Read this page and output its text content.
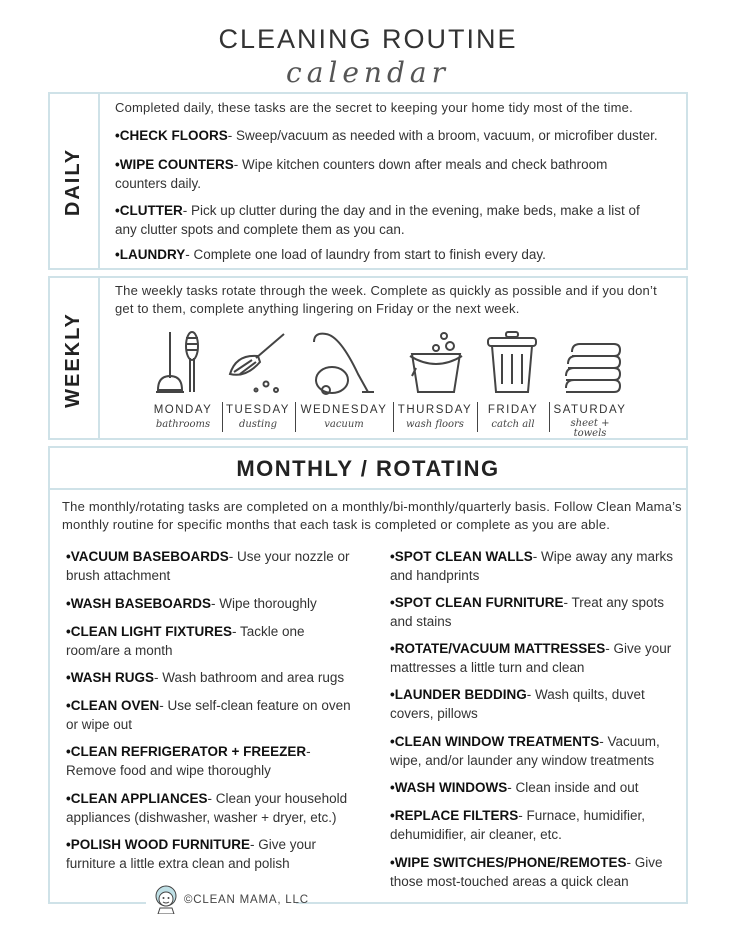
CLEANING ROUTINE
calendar
DAILY
Completed daily, these tasks are the secret to keeping your home tidy most of the time.
•CHECK FLOORS- Sweep/vacuum as needed with a broom, vacuum, or microfiber duster.
•WIPE COUNTERS- Wipe kitchen counters down after meals and check bathroom counters daily.
•CLUTTER- Pick up clutter during the day and in the evening, make beds, make a list of any clutter spots and complete them as you can.
•LAUNDRY- Complete one load of laundry from start to finish every day.
WEEKLY
The weekly tasks rotate through the week. Complete as quickly as possible and if you don’t get to them, complete anything lingering on Friday or the next week.
MONDAY
bathrooms
TUESDAY
dusting
WEDNESDAY
vacuum
THURSDAY
wash floors
FRIDAY
catch all
SATURDAY
sheet + towels
MONTHLY / ROTATING
The monthly/rotating tasks are completed on a monthly/bi-monthly/quarterly basis. Follow Clean Mama’s monthly routine for specific months that each task is completed or complete as you are able.
•VACUUM BASEBOARDS- Use your nozzle or brush attachment
•WASH BASEBOARDS- Wipe thoroughly
•CLEAN LIGHT FIXTURES- Tackle one room/are a month
•WASH RUGS- Wash bathroom and area rugs
•CLEAN OVEN- Use self-clean feature on oven or wipe out
•CLEAN REFRIGERATOR + FREEZER- Remove food and wipe thoroughly
•CLEAN APPLIANCES- Clean your household appliances (dishwasher, washer + dryer, etc.)
•POLISH WOOD FURNITURE- Give your furniture a little extra clean and polish
•SPOT CLEAN WALLS- Wipe away any marks and handprints
•SPOT CLEAN FURNITURE- Treat any spots and stains
•ROTATE/VACUUM MATTRESSES- Give your mattresses a little turn and clean
•LAUNDER BEDDING- Wash quilts, duvet covers, pillows
•CLEAN WINDOW TREATMENTS- Vacuum, wipe, and/or launder any window treatments
•WASH WINDOWS- Clean inside and out
•REPLACE FILTERS- Furnace, humidifier, dehumidifier, air cleaner, etc.
•WIPE SWITCHES/PHONE/REMOTES- Give those most-touched areas a quick clean
©CLEAN MAMA, LLC
